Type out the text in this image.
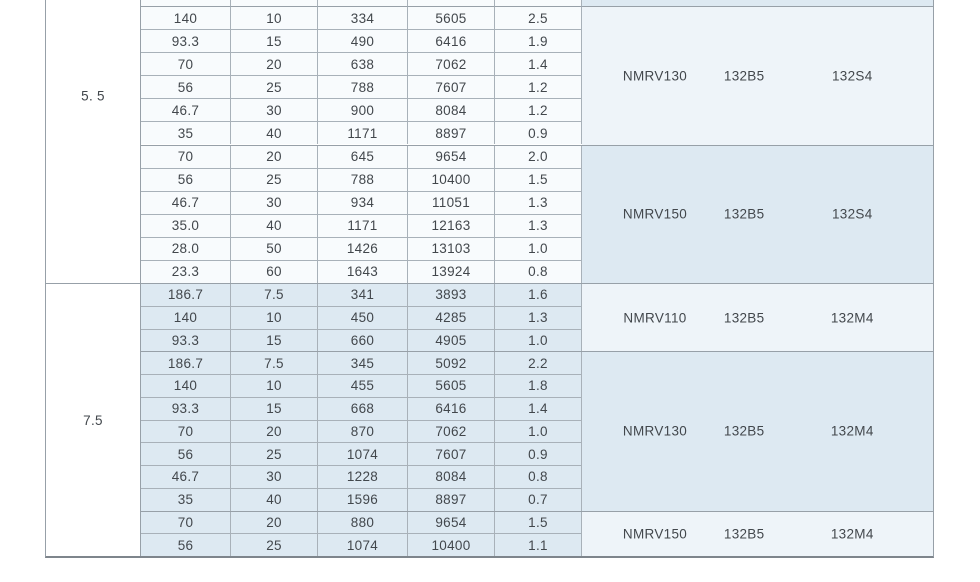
5. 5
140	10	334	5605	2.5
93.3	15	490	6416	1.9
70	20	638	7062	1.4
56	25	788	7607	1.2
46.7	30	900	8084	1.2
35	40	1171	8897	0.9
NMRV130	132B5	132S4
70	20	645	9654	2.0
56	25	788	10400	1.5
46.7	30	934	11051	1.3
35.0	40	1171	12163	1.3
28.0	50	1426	13103	1.0
23.3	60	1643	13924	0.8
NMRV150	132B5	132S4
7.5
186.7	7.5	341	3893	1.6
140	10	450	4285	1.3
93.3	15	660	4905	1.0
NMRV110	132B5	132M4
186.7	7.5	345	5092	2.2
140	10	455	5605	1.8
93.3	15	668	6416	1.4
70	20	870	7062	1.0
56	25	1074	7607	0.9
46.7	30	1228	8084	0.8
35	40	1596	8897	0.7
NMRV130	132B5	132M4
70	20	880	9654	1.5
56	25	1074	10400	1.1
NMRV150	132B5	132M4
